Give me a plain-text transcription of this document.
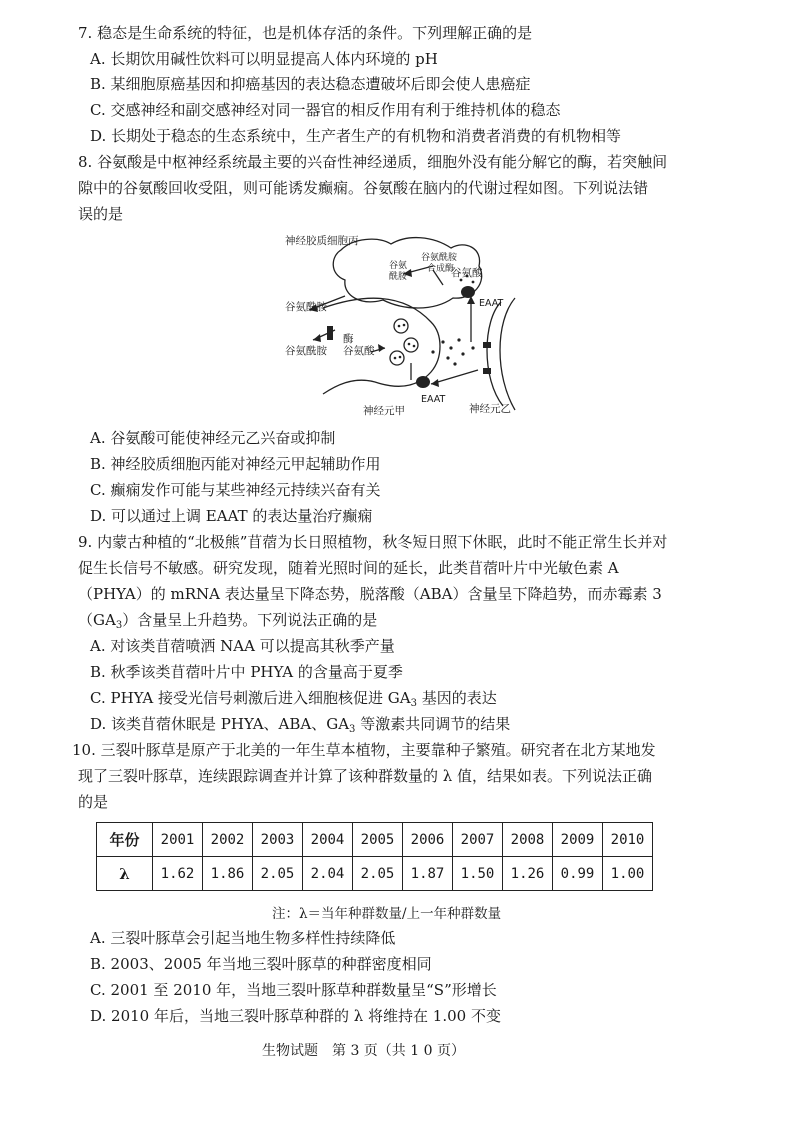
7. 稳态是生命系统的特征，也是机体存活的条件。下列理解正确的是
A. 长期饮用碱性饮料可以明显提高人体内环境的 pH
B. 某细胞原癌基因和抑癌基因的表达稳态遭破坏后即会使人患癌症
C. 交感神经和副交感神经对同一器官的相反作用有利于维持机体的稳态
D. 长期处于稳态的生态系统中，生产者生产的有机物和消费者消费的有机物相等
8. 谷氨酸是中枢神经系统最主要的兴奋性神经递质，细胞外没有能分解它的酶，若突触间
隙中的谷氨酸回收受阻，则可能诱发癫痫。谷氨酸在脑内的代谢过程如图。下列说法错
误的是
神经胶质细胞丙
谷氨酰胺
合成酶
谷氨
酰胺	谷氨酸
EAAT
谷氨酰胺
酶
谷氨酰胺 谷氨酸
EAAT
神经元甲	神经元乙
A. 谷氨酸可能使神经元乙兴奋或抑制
B. 神经胶质细胞丙能对神经元甲起辅助作用
C. 癫痫发作可能与某些神经元持续兴奋有关
D. 可以通过上调 EAAT 的表达量治疗癫痫
9. 内蒙古种植的“北极熊”苜蓿为长日照植物，秋冬短日照下休眠，此时不能正常生长并对
促生长信号不敏感。研究发现，随着光照时间的延长，此类苜蓿叶片中光敏色素 A
（PHYA）的 mRNA 表达量呈下降态势，脱落酸（ABA）含量呈下降趋势，而赤霉素 3
$(GA_3)$含量呈上升趋势。下列说法正确的是
A. 对该类苜蓿喷洒 NAA 可以提高其秋季产量
B. 秋季该类苜蓿叶片中 PHYA 的含量高于夏季
C. PHYA 接受光信号刺激后进入细胞核促进 $GA_3$ 基因的表达
D. 该类苜蓿休眠是 PHYA、ABA、$GA_3$ 等激素共同调节的结果
10. 三裂叶豚草是原产于北美的一年生草本植物，主要靠种子繁殖。研究者在北方某地发
现了三裂叶豚草，连续跟踪调查并计算了该种群数量的 λ 值，结果如表。下列说法正确
的是
年份	2001	2002	2003	2004	2005	2006	2007	2008	2009	2010
λ	1.62	1.86	2.05	2.04	2.05	1.87	1.50	1.26	0.99	1.00
注：λ＝当年种群数量/上一年种群数量
A. 三裂叶豚草会引起当地生物多样性持续降低
B. 2003、2005 年当地三裂叶豚草的种群密度相同
C. 2001 至 2010 年，当地三裂叶豚草种群数量呈“S”形增长
D. 2010 年后，当地三裂叶豚草种群的 λ 将维持在 1.00 不变
生物试题　第 3 页（共 1 0 页）
